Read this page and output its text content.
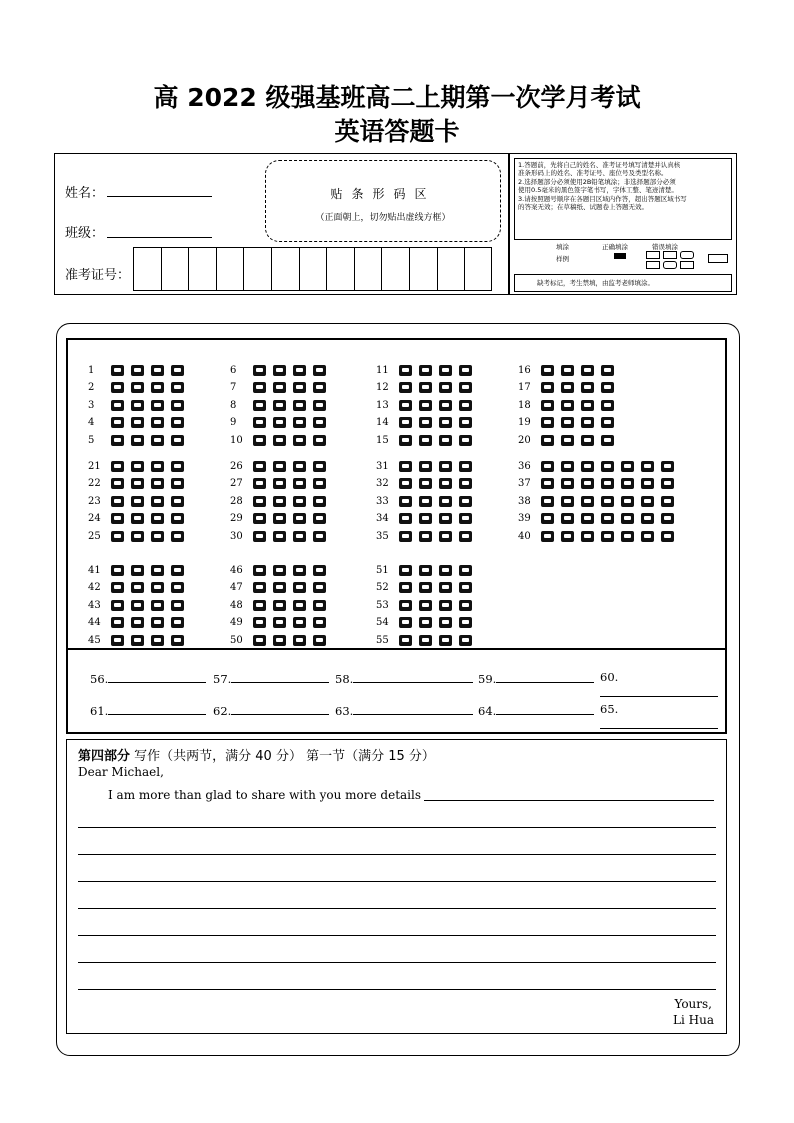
高 2022 级强基班高二上期第一次学月考试
英语答题卡
姓名：
班级：
准考证号：
贴条形码区
（正面朝上，切勿贴出虚线方框）
1.答题前，先将自己的姓名、准考证号填写清楚并认真核
准条形码上的姓名、准考证号、座位号及类型名称。
2.选择题部分必须使用2B铅笔填涂；非选择题部分必须
使用0.5毫米的黑色签字笔书写，字体工整、笔迹清楚。
3.请按照题号顺序在各题目区域内作答，超出答题区域书写
的答案无效；在草稿纸、试题卷上答题无效。
填涂
样例
正确填涂	错误填涂
缺考标记，考生禁填，由监考老师填涂。
1
2
3
4
5
6
7
8
9
10
11
12
13
14
15
16
17
18
19
20
21
22
23
24
25
26
27
28
29
30
31
32
33
34
35
36
37
38
39
40
41
42
43
44
45
46
47
48
49
50
51
52
53
54
55
56.	57.	58.	59.	60.
61.	62.	63.	64.	65.
第四部分 写作（共两节，满分 40 分） 第一节（满分 15 分）
Dear Michael,
I am more than glad to share with you more details
Yours,
Li Hua
